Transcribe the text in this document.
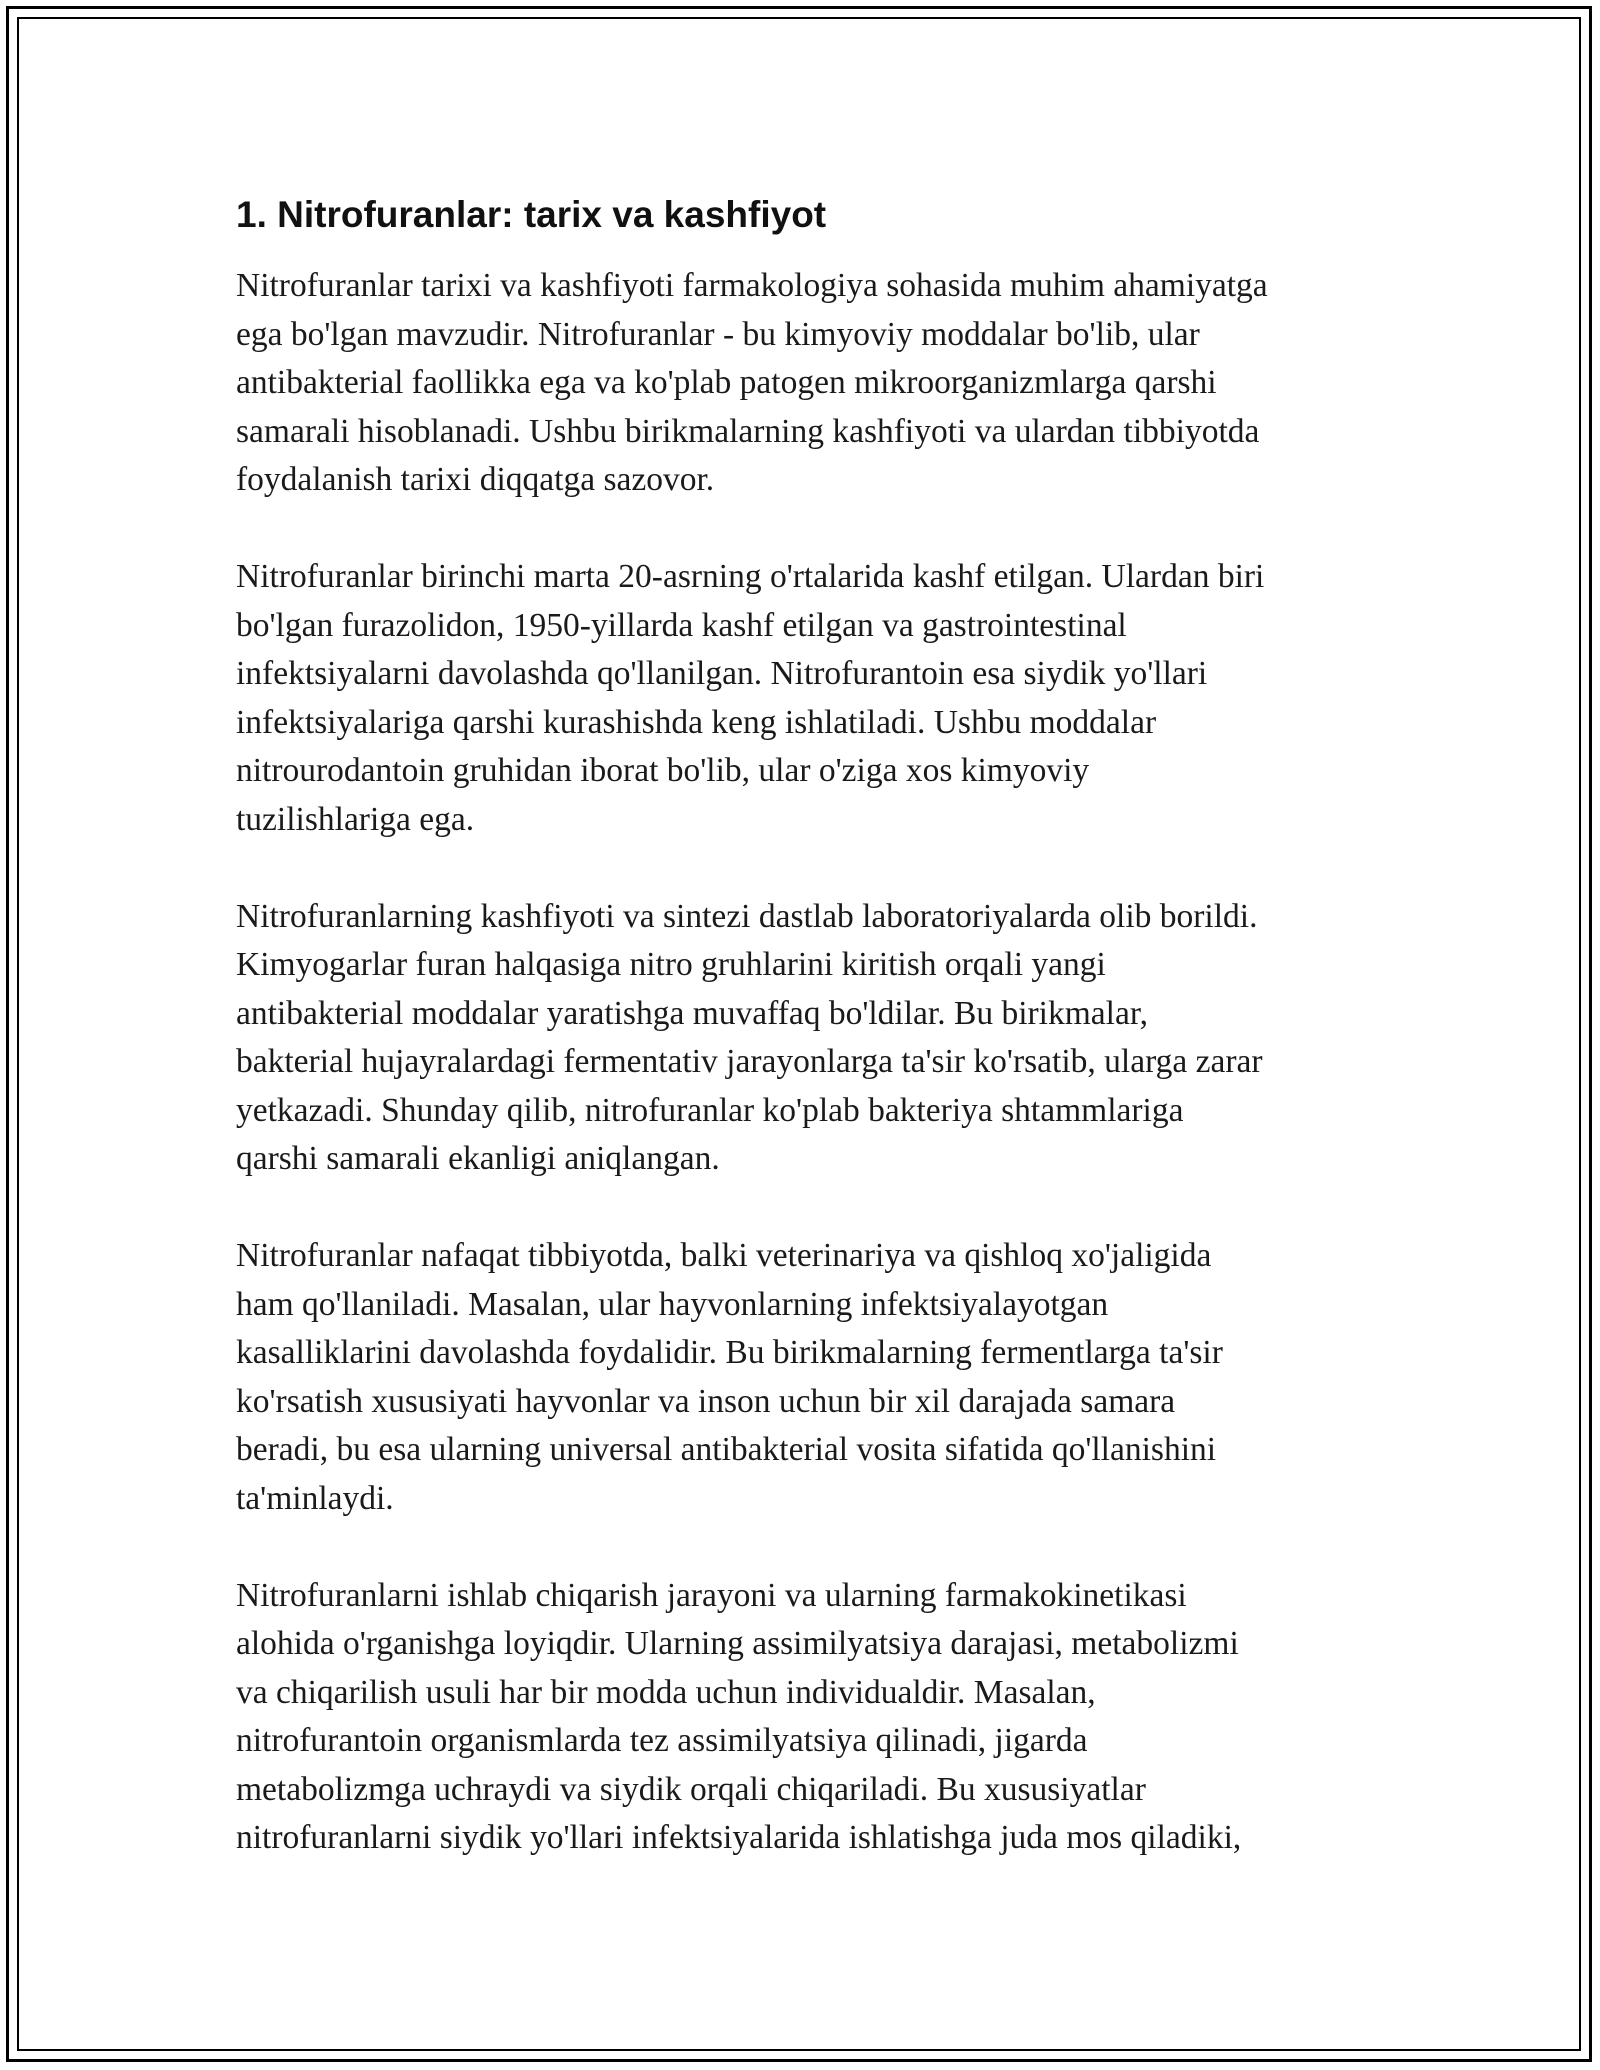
1. Nitrofuranlar: tarix va kashfiyot
Nitrofuranlar tarixi va kashfiyoti farmakologiya sohasida muhim ahamiyatga
ega bo'lgan mavzudir. Nitrofuranlar - bu kimyoviy moddalar bo'lib, ular
antibakterial faollikka ega va ko'plab patogen mikroorganizmlarga qarshi
samarali hisoblanadi. Ushbu birikmalarning kashfiyoti va ulardan tibbiyotda
foydalanish tarixi diqqatga sazovor.
Nitrofuranlar birinchi marta 20-asrning o'rtalarida kashf etilgan. Ulardan biri
bo'lgan furazolidon, 1950-yillarda kashf etilgan va gastrointestinal
infektsiyalarni davolashda qo'llanilgan. Nitrofurantoin esa siydik yo'llari
infektsiyalariga qarshi kurashishda keng ishlatiladi. Ushbu moddalar
nitrourodantoin gruhidan iborat bo'lib, ular o'ziga xos kimyoviy
tuzilishlariga ega.
Nitrofuranlarning kashfiyoti va sintezi dastlab laboratoriyalarda olib borildi.
Kimyogarlar furan halqasiga nitro gruhlarini kiritish orqali yangi
antibakterial moddalar yaratishga muvaffaq bo'ldilar. Bu birikmalar,
bakterial hujayralardagi fermentativ jarayonlarga ta'sir ko'rsatib, ularga zarar
yetkazadi. Shunday qilib, nitrofuranlar ko'plab bakteriya shtammlariga
qarshi samarali ekanligi aniqlangan.
Nitrofuranlar nafaqat tibbiyotda, balki veterinariya va qishloq xo'jaligida
ham qo'llaniladi. Masalan, ular hayvonlarning infektsiyalayotgan
kasalliklarini davolashda foydalidir. Bu birikmalarning fermentlarga ta'sir
ko'rsatish xususiyati hayvonlar va inson uchun bir xil darajada samara
beradi, bu esa ularning universal antibakterial vosita sifatida qo'llanishini
ta'minlaydi.
Nitrofuranlarni ishlab chiqarish jarayoni va ularning farmakokinetikasi
alohida o'rganishga loyiqdir. Ularning assimilyatsiya darajasi, metabolizmi
va chiqarilish usuli har bir modda uchun individualdir. Masalan,
nitrofurantoin organismlarda tez assimilyatsiya qilinadi, jigarda
metabolizmga uchraydi va siydik orqali chiqariladi. Bu xususiyatlar
nitrofuranlarni siydik yo'llari infektsiyalarida ishlatishga juda mos qiladiki,
